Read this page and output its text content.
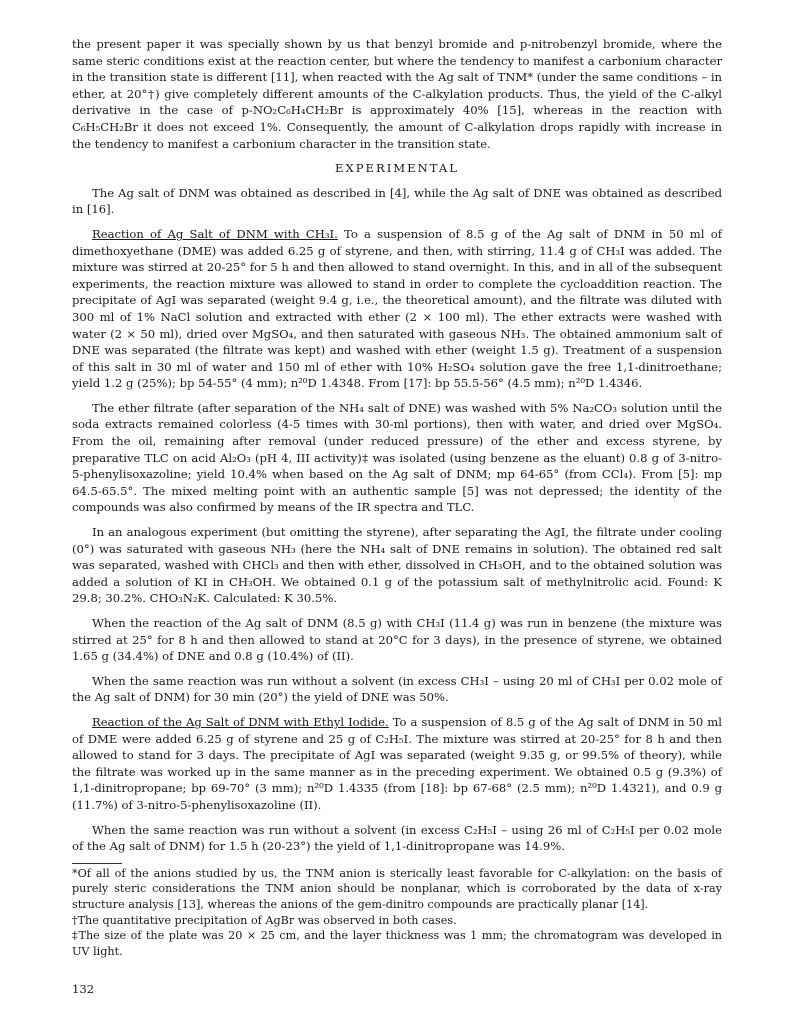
the present paper it was specially shown by us that benzyl bromide and p-nitrobenzyl bromide, where the same steric conditions exist at the reaction center, but where the tendency to manifest a carbonium character in the transition state is different [11], when reacted with the Ag salt of TNM* (under the same conditions – in ether, at 20°†) give completely different amounts of the C-alkylation products. Thus, the yield of the C-alkyl derivative in the case of p-NO₂C₆H₄CH₂Br is approximately 40% [15], whereas in the reaction with C₆H₅CH₂Br it does not exceed 1%. Consequently, the amount of C-alkylation drops rapidly with increase in the tendency to manifest a carbonium character in the transition state.

EXPERIMENTAL

The Ag salt of DNM was obtained as described in [4], while the Ag salt of DNE was obtained as described in [16].

Reaction of Ag Salt of DNM with CH₃I. To a suspension of 8.5 g of the Ag salt of DNM in 50 ml of dimethoxyethane (DME) was added 6.25 g of styrene, and then, with stirring, 11.4 g of CH₃I was added. The mixture was stirred at 20-25° for 5 h and then allowed to stand overnight. In this, and in all of the subsequent experiments, the reaction mixture was allowed to stand in order to complete the cycloaddition reaction. The precipitate of AgI was separated (weight 9.4 g, i.e., the theoretical amount), and the filtrate was diluted with 300 ml of 1% NaCl solution and extracted with ether (2 × 100 ml). The ether extracts were washed with water (2 × 50 ml), dried over MgSO₄, and then saturated with gaseous NH₃. The obtained ammonium salt of DNE was separated (the filtrate was kept) and washed with ether (weight 1.5 g). Treatment of a suspension of this salt in 30 ml of water and 150 ml of ether with 10% H₂SO₄ solution gave the free 1,1-dinitroethane; yield 1.2 g (25%); bp 54-55° (4 mm); n²⁰D 1.4348. From [17]: bp 55.5-56° (4.5 mm); n²⁰D 1.4346.

The ether filtrate (after separation of the NH₄ salt of DNE) was washed with 5% Na₂CO₃ solution until the soda extracts remained colorless (4-5 times with 30-ml portions), then with water, and dried over MgSO₄. From the oil, remaining after removal (under reduced pressure) of the ether and excess styrene, by preparative TLC on acid Al₂O₃ (pH 4, III activity)‡ was isolated (using benzene as the eluant) 0.8 g of 3-nitro-5-phenylisoxazoline; yield 10.4% when based on the Ag salt of DNM; mp 64-65° (from CCl₄). From [5]: mp 64.5-65.5°. The mixed melting point with an authentic sample [5] was not depressed; the identity of the compounds was also confirmed by means of the IR spectra and TLC.

In an analogous experiment (but omitting the styrene), after separating the AgI, the filtrate under cooling (0°) was saturated with gaseous NH₃ (here the NH₄ salt of DNE remains in solution). The obtained red salt was separated, washed with CHCl₃ and then with ether, dissolved in CH₃OH, and to the obtained solution was added a solution of KI in CH₃OH. We obtained 0.1 g of the potassium salt of methylnitrolic acid. Found: K 29.8; 30.2%. CHO₃N₂K. Calculated: K 30.5%.

When the reaction of the Ag salt of DNM (8.5 g) with CH₃I (11.4 g) was run in benzene (the mixture was stirred at 25° for 8 h and then allowed to stand at 20°C for 3 days), in the presence of styrene, we obtained 1.65 g (34.4%) of DNE and 0.8 g (10.4%) of (II).

When the same reaction was run without a solvent (in excess CH₃I – using 20 ml of CH₃I per 0.02 mole of the Ag salt of DNM) for 30 min (20°) the yield of DNE was 50%.

Reaction of the Ag Salt of DNM with Ethyl Iodide. To a suspension of 8.5 g of the Ag salt of DNM in 50 ml of DME were added 6.25 g of styrene and 25 g of C₂H₅I. The mixture was stirred at 20-25° for 8 h and then allowed to stand for 3 days. The precipitate of AgI was separated (weight 9.35 g, or 99.5% of theory), while the filtrate was worked up in the same manner as in the preceding experiment. We obtained 0.5 g (9.3%) of 1,1-dinitropropane; bp 69-70° (3 mm); n²⁰D 1.4335 (from [18]: bp 67-68° (2.5 mm); n²⁰D 1.4321), and 0.9 g (11.7%) of 3-nitro-5-phenylisoxazoline (II).

When the same reaction was run without a solvent (in excess C₂H₅I – using 26 ml of C₂H₅I per 0.02 mole of the Ag salt of DNM) for 1.5 h (20-23°) the yield of 1,1-dinitropropane was 14.9%.

*Of all of the anions studied by us, the TNM anion is sterically least favorable for C-alkylation: on the basis of purely steric considerations the TNM anion should be nonplanar, which is corroborated by the data of x-ray structure analysis [13], whereas the anions of the gem-dinitro compounds are practically planar [14].

†The quantitative precipitation of AgBr was observed in both cases.

‡The size of the plate was 20 × 25 cm, and the layer thickness was 1 mm; the chromatogram was developed in UV light.

132
